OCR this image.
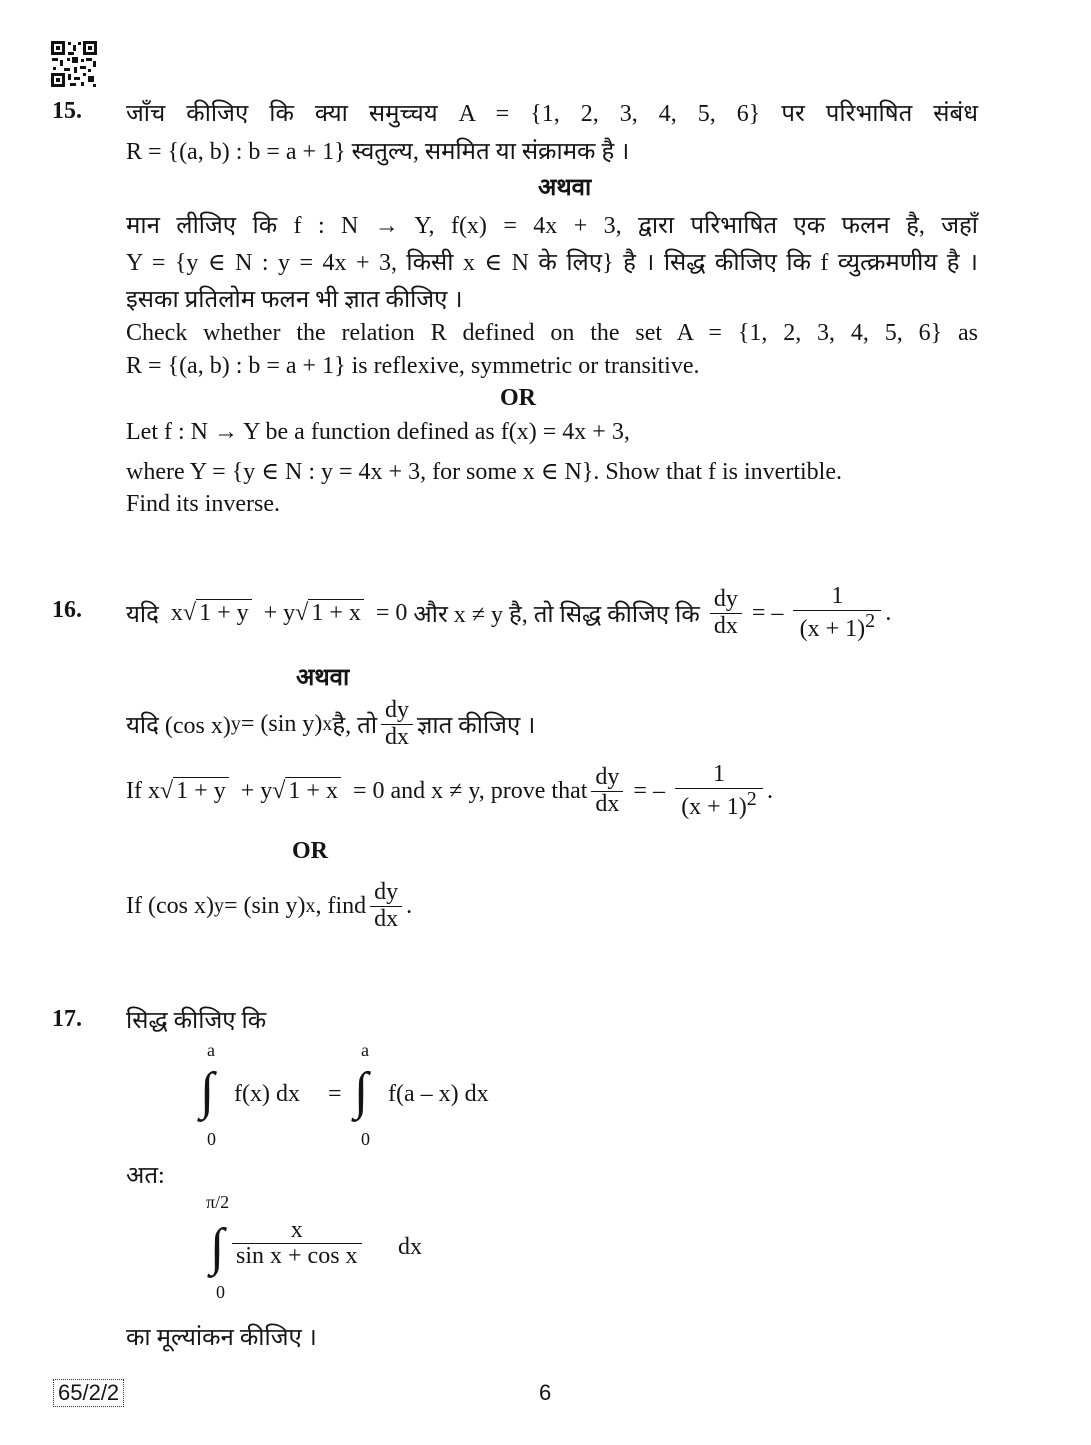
15. जाँच कीजिए कि क्या समुच्चय A = {1, 2, 3, 4, 5, 6} पर परिभाषित संबंध
R = {(a, b) : b = a + 1} स्वतुल्य, सममित या संक्रामक है ।
अथवा
मान लीजिए कि f : N → Y, f(x) = 4x + 3, द्वारा परिभाषित एक फलन है, जहाँ
Y = {y ∈ N : y = 4x + 3, किसी x ∈ N के लिए} है । सिद्ध कीजिए कि f व्युत्क्रमणीय है ।
इसका प्रतिलोम फलन भी ज्ञात कीजिए ।
Check whether the relation R defined on the set A = {1, 2, 3, 4, 5, 6} as
R = {(a, b) : b = a + 1} is reflexive, symmetric or transitive.
OR
Let f : N → Y be a function defined as f(x) = 4x + 3,
where Y = {y ∈ N : y = 4x + 3, for some x ∈ N}. Show that f is invertible.
Find its inverse.
16. यदि
x √ 1 + y
+ y √ 1 + x
= 0
और x ≠ y है, तो सिद्ध कीजिए कि
$\frac{dy}{dx}$
= –
$\frac{1}{(x + 1)^2}$ .
अथवा
यदि (cos x) y = (sin y) x है, तो $\frac{dy}{dx}$ ज्ञात कीजिए ।
If x √ 1 + y
+ y √ 1 + x
= 0 and x ≠ y, prove that $\frac{dy}{dx}$
= –
$\frac{1}{(x + 1)^2}$ .
OR
If (cos x) y = (sin y) x , find $\frac{dy}{dx}$ .
17. सिद्ध कीजिए कि
a
∫
0
f(x) dx =
a
∫
0
f(a – x) dx
अत:
π/2
∫
0
$\frac{x}{\text{sin x + cos x}}$ dx
का मूल्यांकन कीजिए ।
65/2/2	6
